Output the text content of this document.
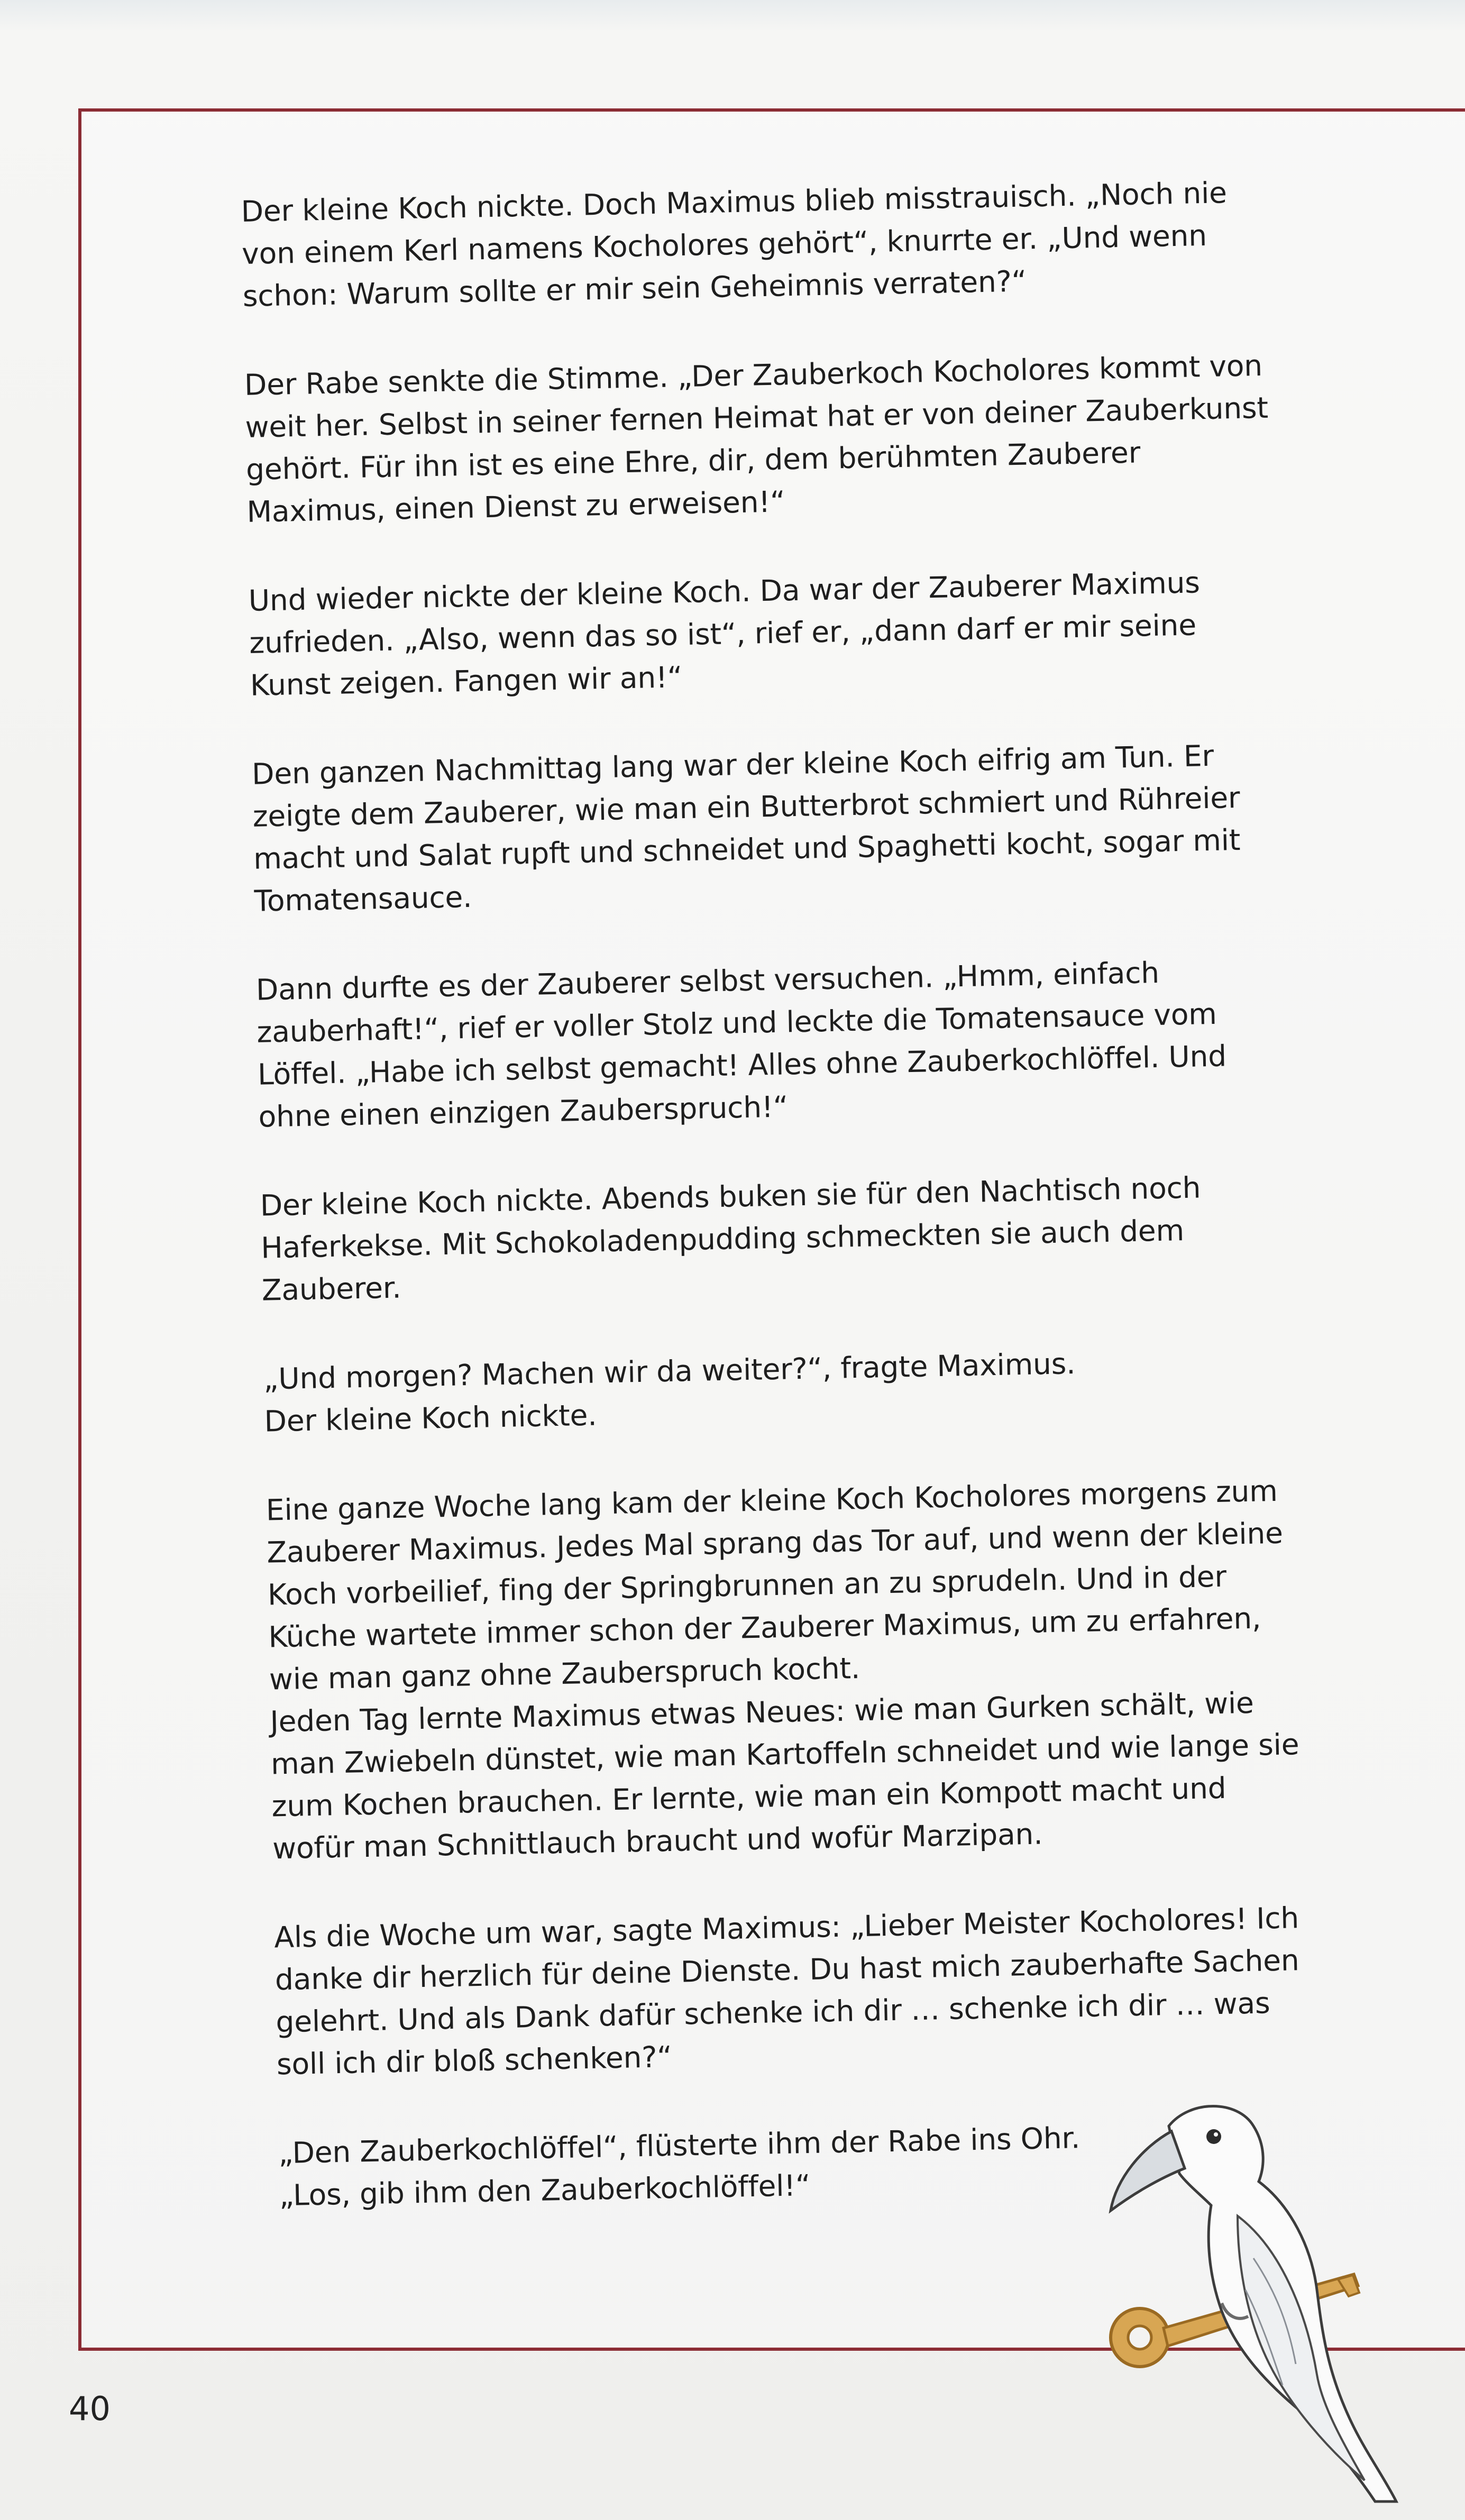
Der kleine Koch nickte. Doch Maximus blieb misstrauisch. „Noch nie von einem Kerl namens Kocholores gehört“, knurrte er. „Und wenn schon: Warum sollte er mir sein Geheimnis verraten?“

Der Rabe senkte die Stimme. „Der Zauberkoch Kocholores kommt von weit her. Selbst in seiner fernen Heimat hat er von deiner Zauberkunst gehört. Für ihn ist es eine Ehre, dir, dem berühmten Zauberer Maximus, einen Dienst zu erweisen!“

Und wieder nickte der kleine Koch. Da war der Zauberer Maximus zufrieden. „Also, wenn das so ist“, rief er, „dann darf er mir seine Kunst zeigen. Fangen wir an!“

Den ganzen Nachmittag lang war der kleine Koch eifrig am Tun. Er zeigte dem Zauberer, wie man ein Butterbrot schmiert und Rühreier macht und Salat rupft und schneidet und Spaghetti kocht, sogar mit Tomatensauce.

Dann durfte es der Zauberer selbst versuchen. „Hmm, einfach zauberhaft!“, rief er voller Stolz und leckte die Tomatensauce vom Löffel. „Habe ich selbst gemacht! Alles ohne Zauberkochlöffel. Und ohne einen einzigen Zauberspruch!“

Der kleine Koch nickte. Abends buken sie für den Nachtisch noch Haferkekse. Mit Schokoladenpudding schmeckten sie auch dem Zauberer.

„Und morgen? Machen wir da weiter?“, fragte Maximus.

Der kleine Koch nickte.

Eine ganze Woche lang kam der kleine Koch Kocholores morgens zum Zauberer Maximus. Jedes Mal sprang das Tor auf, und wenn der kleine Koch vorbeilief, fing der Springbrunnen an zu sprudeln. Und in der Küche wartete immer schon der Zauberer Maximus, um zu erfahren, wie man ganz ohne Zauberspruch kocht.

Jeden Tag lernte Maximus etwas Neues: wie man Gurken schält, wie man Zwiebeln dünstet, wie man Kartoffeln schneidet und wie lange sie zum Kochen brauchen. Er lernte, wie man ein Kompott macht und wofür man Schnittlauch braucht und wofür Marzipan.

Als die Woche um war, sagte Maximus: „Lieber Meister Kocholores! Ich danke dir herzlich für deine Dienste. Du hast mich zauberhafte Sachen gelehrt. Und als Dank dafür schenke ich dir … schenke ich dir … was soll ich dir bloß schenken?“

„Den Zauberkochlöffel“, flüsterte ihm der Rabe ins Ohr.

„Los, gib ihm den Zauberkochlöffel!“

40
